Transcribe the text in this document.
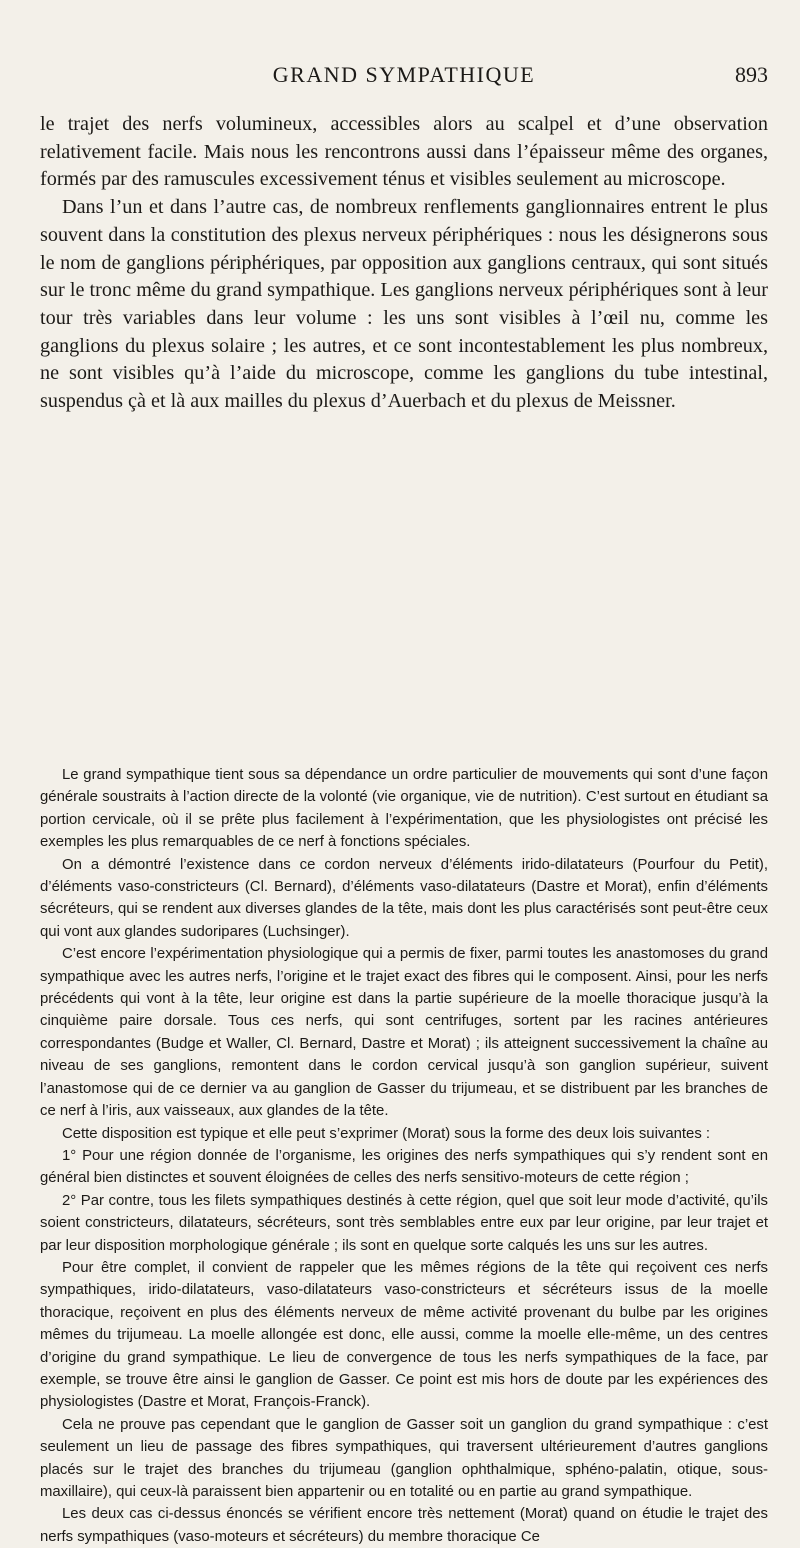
GRAND SYMPATHIQUE	893

le trajet des nerfs volumineux, accessibles alors au scalpel et d’une observation relativement facile. Mais nous les rencontrons aussi dans l’épaisseur même des organes, formés par des ramuscules excessivement ténus et visibles seulement au microscope.

Dans l’un et dans l’autre cas, de nombreux renflements ganglionnaires entrent le plus souvent dans la constitution des plexus nerveux périphériques : nous les désignerons sous le nom de ganglions périphériques, par opposition aux ganglions centraux, qui sont situés sur le tronc même du grand sympathique. Les ganglions nerveux périphériques sont à leur tour très variables dans leur volume : les uns sont visibles à l’œil nu, comme les ganglions du plexus solaire ; les autres, et ce sont incontestablement les plus nombreux, ne sont visibles qu’à l’aide du microscope, comme les ganglions du tube intestinal, suspendus çà et là aux mailles du plexus d’Auerbach et du plexus de Meissner.

Le grand sympathique tient sous sa dépendance un ordre particulier de mouvements qui sont d’une façon générale soustraits à l’action directe de la volonté (vie organique, vie de nutrition). C’est surtout en étudiant sa portion cervicale, où il se prête plus facilement à l’expérimentation, que les physiologistes ont précisé les exemples les plus remarquables de ce nerf à fonctions spéciales.

On a démontré l’existence dans ce cordon nerveux d’éléments irido-dilatateurs (Pourfour du Petit), d’éléments vaso-constricteurs (Cl. Bernard), d’éléments vaso-dilatateurs (Dastre et Morat), enfin d’éléments sécréteurs, qui se rendent aux diverses glandes de la tête, mais dont les plus caractérisés sont peut-être ceux qui vont aux glandes sudoripares (Luchsinger).

C’est encore l’expérimentation physiologique qui a permis de fixer, parmi toutes les anastomoses du grand sympathique avec les autres nerfs, l’origine et le trajet exact des fibres qui le composent. Ainsi, pour les nerfs précédents qui vont à la tête, leur origine est dans la partie supérieure de la moelle thoracique jusqu’à la cinquième paire dorsale. Tous ces nerfs, qui sont centrifuges, sortent par les racines antérieures correspondantes (Budge et Waller, Cl. Bernard, Dastre et Morat) ; ils atteignent successivement la chaîne au niveau de ses ganglions, remontent dans le cordon cervical jusqu’à son ganglion supérieur, suivent l’anastomose qui de ce dernier va au ganglion de Gasser du trijumeau, et se distribuent par les branches de ce nerf à l’iris, aux vaisseaux, aux glandes de la tête.

Cette disposition est typique et elle peut s’exprimer (Morat) sous la forme des deux lois suivantes :

1° Pour une région donnée de l’organisme, les origines des nerfs sympathiques qui s’y rendent sont en général bien distinctes et souvent éloignées de celles des nerfs sensitivo-moteurs de cette région ;

2° Par contre, tous les filets sympathiques destinés à cette région, quel que soit leur mode d’activité, qu’ils soient constricteurs, dilatateurs, sécréteurs, sont très semblables entre eux par leur origine, par leur trajet et par leur disposition morphologique générale ; ils sont en quelque sorte calqués les uns sur les autres.

Pour être complet, il convient de rappeler que les mêmes régions de la tête qui reçoivent ces nerfs sympathiques, irido-dilatateurs, vaso-dilatateurs vaso-constricteurs et sécréteurs issus de la moelle thoracique, reçoivent en plus des éléments nerveux de même activité provenant du bulbe par les origines mêmes du trijumeau. La moelle allongée est donc, elle aussi, comme la moelle elle-même, un des centres d’origine du grand sympathique. Le lieu de convergence de tous les nerfs sympathiques de la face, par exemple, se trouve être ainsi le ganglion de Gasser. Ce point est mis hors de doute par les expériences des physiologistes (Dastre et Morat, François-Franck).

Cela ne prouve pas cependant que le ganglion de Gasser soit un ganglion du grand sympathique : c’est seulement un lieu de passage des fibres sympathiques, qui traversent ultérieurement d’autres ganglions placés sur le trajet des branches du trijumeau (ganglion ophthalmique, sphéno-palatin, otique, sous-maxillaire), qui ceux-là paraissent bien appartenir ou en totalité ou en partie au grand sympathique.

Les deux cas ci-dessus énoncés se vérifient encore très nettement (Morat) quand on étudie le trajet des nerfs sympathiques (vaso-moteurs et sécréteurs) du membre thoracique Ce
